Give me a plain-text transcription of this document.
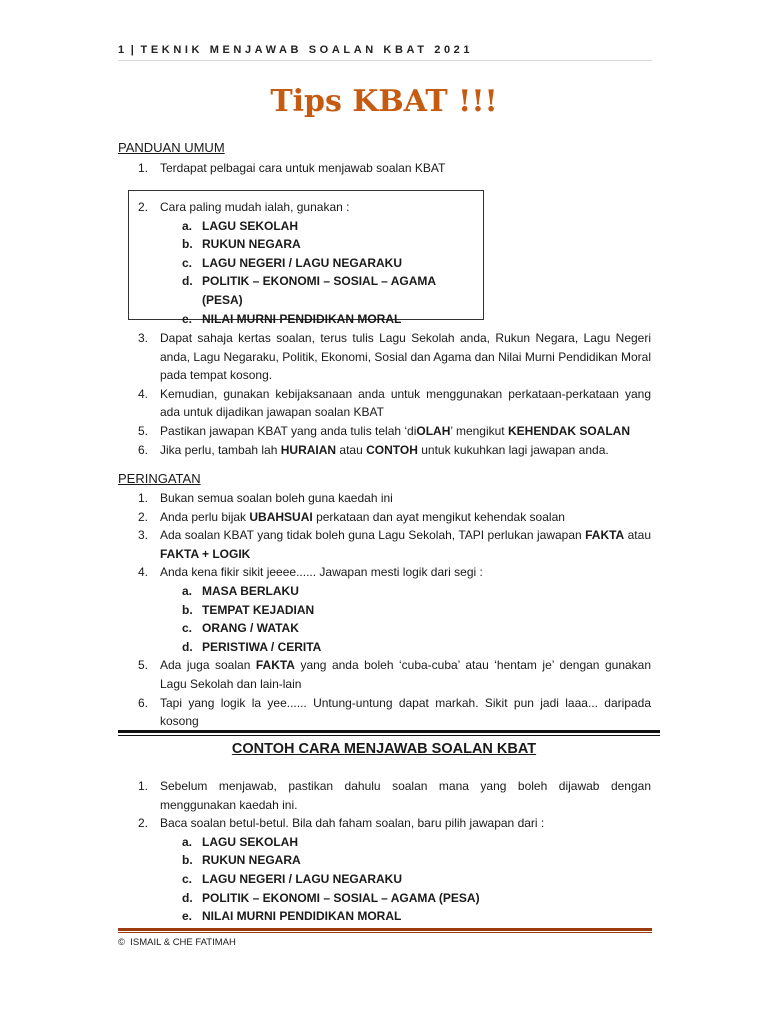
1 | TEKNIK MENJAWAB SOALAN KBAT 2021
Tips KBAT !!!
PANDUAN UMUM
1. Terdapat pelbagai cara untuk menjawab soalan KBAT
2. Cara paling mudah ialah, gunakan :
a. LAGU SEKOLAH
b. RUKUN NEGARA
c. LAGU NEGERI / LAGU NEGARAKU
d. POLITIK – EKONOMI – SOSIAL – AGAMA (PESA)
e. NILAI MURNI PENDIDIKAN MORAL
3. Dapat sahaja kertas soalan, terus tulis Lagu Sekolah anda, Rukun Negara, Lagu Negeri anda, Lagu Negaraku, Politik, Ekonomi, Sosial dan Agama dan Nilai Murni Pendidikan Moral pada tempat kosong.
4. Kemudian, gunakan kebijaksanaan anda untuk menggunakan perkataan-perkataan yang ada untuk dijadikan jawapan soalan KBAT
5. Pastikan jawapan KBAT yang anda tulis telah ‘diOLAH’ mengikut KEHENDAK SOALAN
6. Jika perlu, tambah lah HURAIAN atau CONTOH untuk kukuhkan lagi jawapan anda.
PERINGATAN
1. Bukan semua soalan boleh guna kaedah ini
2. Anda perlu bijak UBAHSUAI perkataan dan ayat mengikut kehendak soalan
3. Ada soalan KBAT yang tidak boleh guna Lagu Sekolah, TAPI perlukan jawapan FAKTA atau FAKTA + LOGIK
4. Anda kena fikir sikit jeeee...... Jawapan mesti logik dari segi :
a. MASA BERLAKU
b. TEMPAT KEJADIAN
c. ORANG / WATAK
d. PERISTIWA / CERITA
5. Ada juga soalan FAKTA yang anda boleh ‘cuba-cuba’ atau ‘hentam je’ dengan gunakan Lagu Sekolah dan lain-lain
6. Tapi yang logik la yee...... Untung-untung dapat markah. Sikit pun jadi laaa... daripada kosong
CONTOH CARA MENJAWAB SOALAN KBAT
1. Sebelum menjawab, pastikan dahulu soalan mana yang boleh dijawab dengan menggunakan kaedah ini.
2. Baca soalan betul-betul. Bila dah faham soalan, baru pilih jawapan dari :
a. LAGU SEKOLAH
b. RUKUN NEGARA
c. LAGU NEGERI / LAGU NEGARAKU
d. POLITIK – EKONOMI – SOSIAL – AGAMA (PESA)
e. NILAI MURNI PENDIDIKAN MORAL
© ISMAIL & CHE FATIMAH
